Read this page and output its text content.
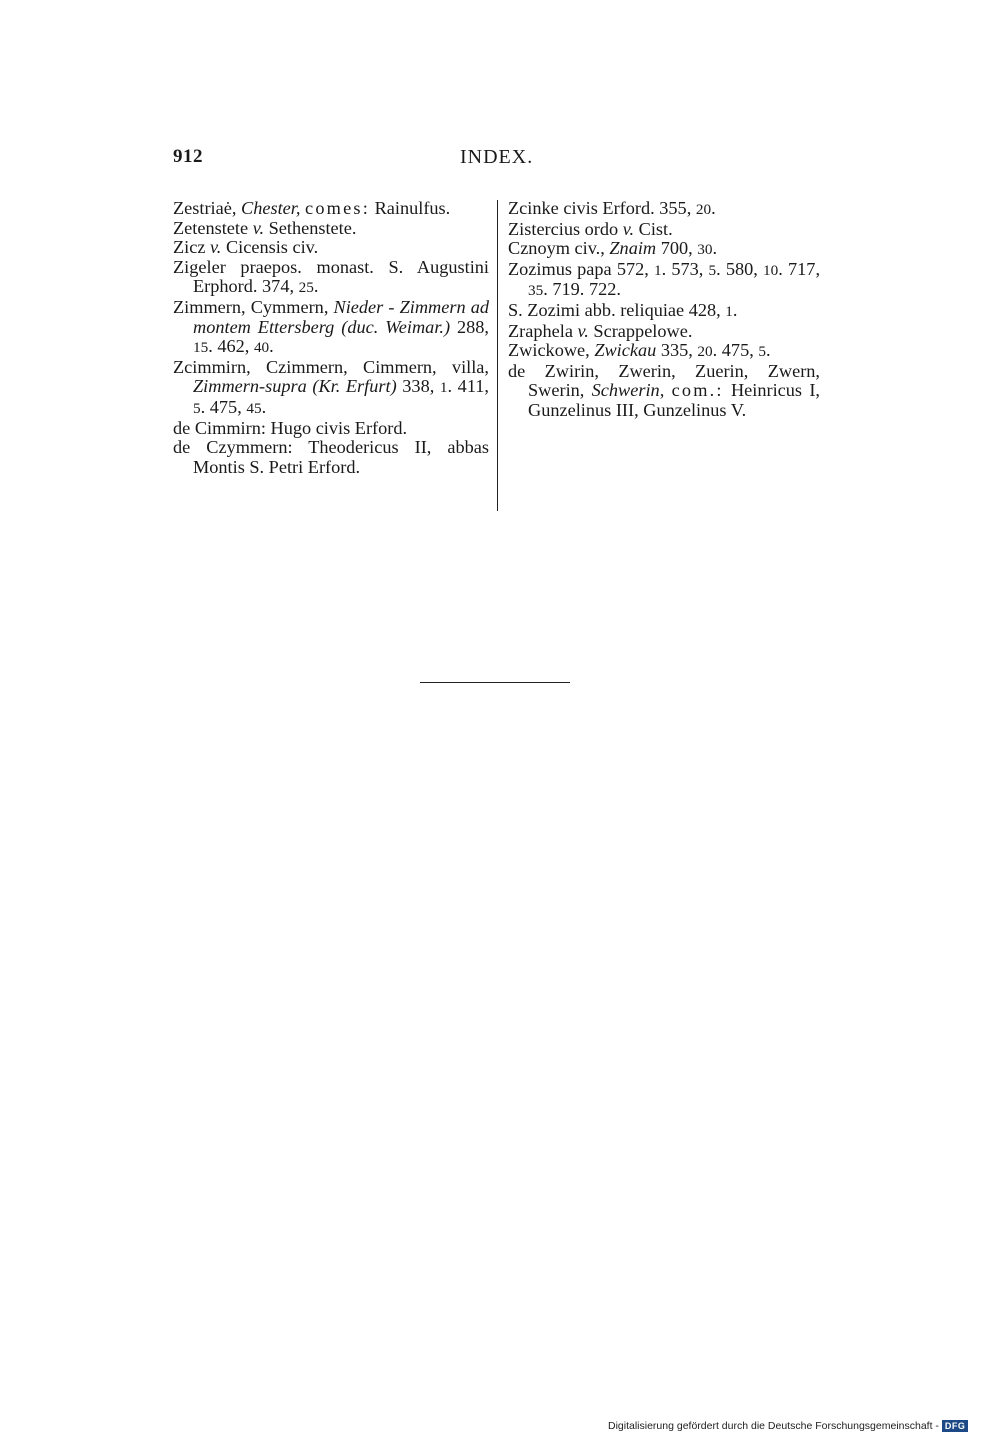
912	INDEX.

Zestriaė, Chester, comes: Rainulfus.

Zetenstete v. Sethenstete.

Zicz v. Cicensis civ.

Zigeler praepos. monast. S. Augustini Erphord. 374, 25.

Zimmern, Cymmern, Nieder - Zimmern ad montem Ettersberg (duc. Weimar.) 288, 15. 462, 40.

Zcimmirn, Czimmern, Cimmern, villa, Zimmern-supra (Kr. Erfurt) 338, 1. 411, 5. 475, 45.

de Cimmirn: Hugo civis Erford.

de Czymmern: Theodericus II, abbas Montis S. Petri Erford.

Zcinke civis Erford. 355, 20.

Zistercius ordo v. Cist.

Cznoym civ., Znaim 700, 30.

Zozimus papa 572, 1. 573, 5. 580, 10. 717, 35. 719. 722.

S. Zozimi abb. reliquiae 428, 1.

Zraphela v. Scrappelowe.

Zwickowe, Zwickau 335, 20. 475, 5.

de Zwirin, Zwerin, Zuerin, Zwern, Swerin, Schwerin, com.: Heinricus I, Gunzelinus III, Gunzelinus V.

Digitalisierung gefördert durch die Deutsche Forschungsgemeinschaft - DFG
